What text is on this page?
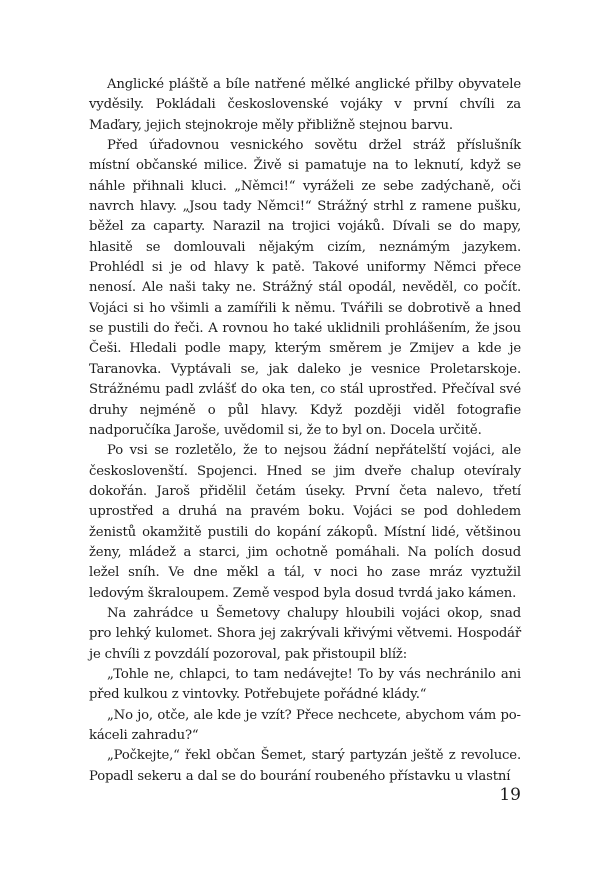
Anglické pláště a bíle natřené mělké anglické přilby obyvatele vyděsily. Pokládali československé vojáky v první chvíli za Maďary, jejich stejnokroje měly přibližně stejnou barvu.

Před úřadovnou vesnického sovětu držel stráž příslušník místní občanské milice. Živě si pamatuje na to leknutí, když se náhle přihnali kluci. „Němci!“ vyráželi ze sebe zadýchaně, oči navrch hlavy. „Jsou tady Němci!“ Strážný strhl z ramene pušku, běžel za caparty. Narazil na trojici vojáků. Dívali se do mapy, hlasitě se domlouvali nějakým cizím, neznámým jazykem. Prohlédl si je od hlavy k patě. Takové uniformy Němci přece nenosí. Ale naši taky ne. Strážný stál opodál, nevěděl, co počít. Vojáci si ho všimli a zamířili k němu. Tvářili se dobrotivě a hned se pustili do řeči. A rovnou ho také uklidnili prohlášením, že jsou Češi. Hledali podle mapy, kterým směrem je Zmijev a kde je Taranovka. Vyptávali se, jak daleko je vesnice Proletarskoje. Strážnému padl zvlášť do oka ten, co stál uprostřed. Přečíval své druhy nejméně o půl hlavy. Když později viděl fotografie nadporučíka Jaroše, uvědomil si, že to byl on. Docela určitě.

Po vsi se rozletělo, že to nejsou žádní nepřátelští vojáci, ale českoslovenští. Spojenci. Hned se jim dveře chalup otevíraly dokořán. Jaroš přidělil četám úseky. První četa nalevo, třetí uprostřed a druhá na pravém boku. Vojáci se pod dohledem ženistů okamžitě pustili do kopání zákopů. Místní lidé, většinou ženy, mládež a starci, jim ochotně pomáhali. Na polích dosud ležel sníh. Ve dne měkl a tál, v noci ho zase mráz vyztužil ledovým škraloupem. Země vespod byla dosud tvrdá jako kámen.

Na zahrádce u Šemetovy chalupy hloubili vojáci okop, snad pro lehký kulomet. Shora jej zakrývali křivými větvemi. Hospodář je chvíli z povzdálí pozoroval, pak přistoupil blíž:

„Tohle ne, chlapci, to tam nedávejte! To by vás nechránilo ani před kulkou z vintovky. Potřebujete pořádné klády.“

„No jo, otče, ale kde je vzít? Přece nechcete, abychom vám pokáceli zahradu?“

„Počkejte,“ řekl občan Šemet, starý partyzán ještě z revoluce. Popadl sekeru a dal se do bourání roubeného přístavku u vlastní

19
